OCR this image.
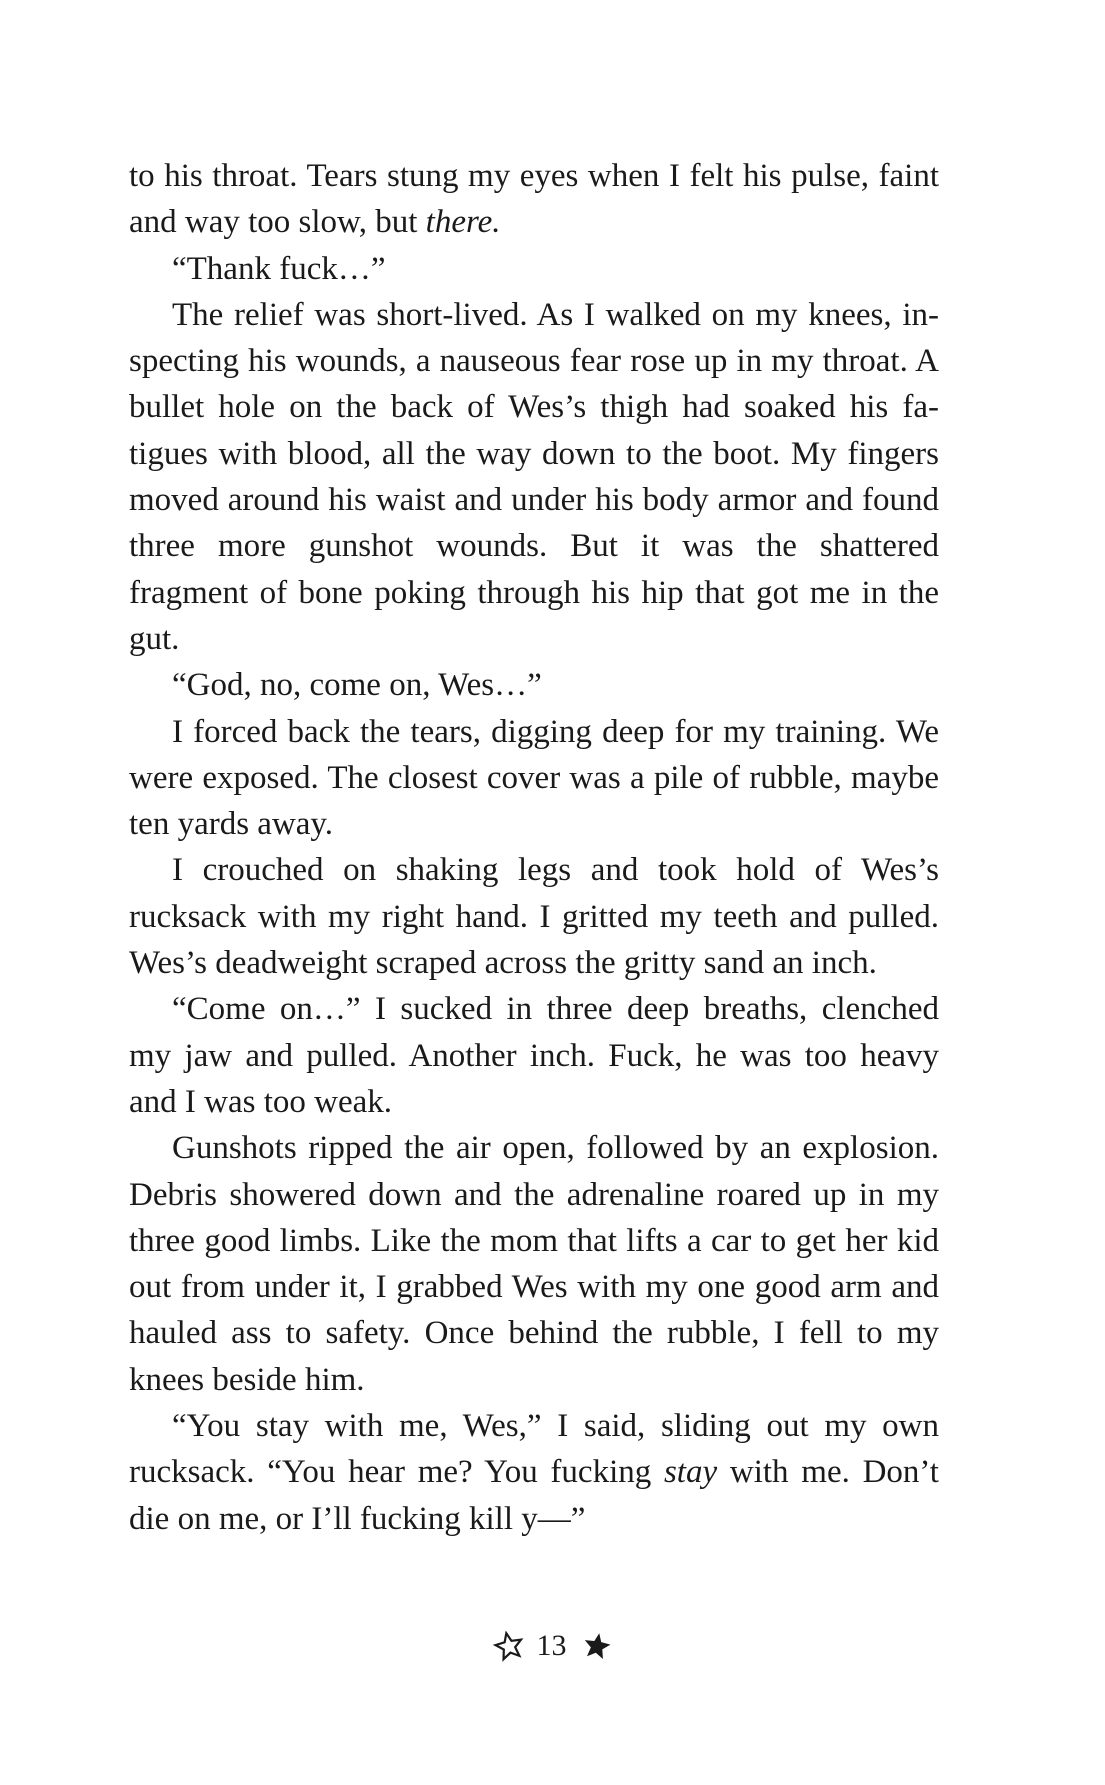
to his throat. Tears stung my eyes when I felt his pulse, faint and way too slow, but there.

“Thank fuck…”

The relief was short-lived. As I walked on my knees, inspecting his wounds, a nauseous fear rose up in my throat. A bullet hole on the back of Wes’s thigh had soaked his fatigues with blood, all the way down to the boot. My fingers moved around his waist and under his body armor and found three more gunshot wounds. But it was the shattered fragment of bone poking through his hip that got me in the gut.

“God, no, come on, Wes…”

I forced back the tears, digging deep for my training. We were exposed. The closest cover was a pile of rubble, maybe ten yards away.

I crouched on shaking legs and took hold of Wes’s rucksack with my right hand. I gritted my teeth and pulled. Wes’s deadweight scraped across the gritty sand an inch.

“Come on…” I sucked in three deep breaths, clenched my jaw and pulled. Another inch. Fuck, he was too heavy and I was too weak.

Gunshots ripped the air open, followed by an explosion. Debris showered down and the adrenaline roared up in my three good limbs. Like the mom that lifts a car to get her kid out from under it, I grabbed Wes with my one good arm and hauled ass to safety. Once behind the rubble, I fell to my knees beside him.

“You stay with me, Wes,” I said, sliding out my own rucksack. “You hear me? You fucking stay with me. Don’t die on me, or I’ll fucking kill y—”

13
